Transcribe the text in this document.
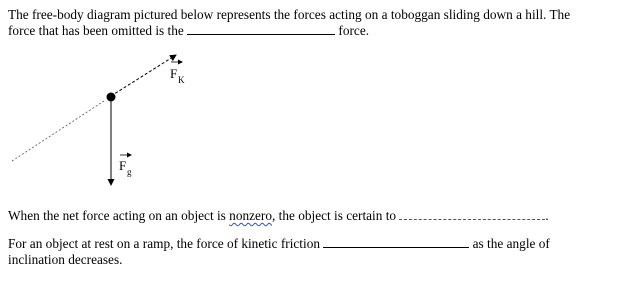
The free-body diagram pictured below represents the forces acting on a toboggan sliding down a hill. The
force that has been omitted is the	force.
F K
F g
When the net force acting on an object is nonzero, the object is certain to	.
For an object at rest on a ramp, the force of kinetic friction	as the angle of
inclination decreases.
